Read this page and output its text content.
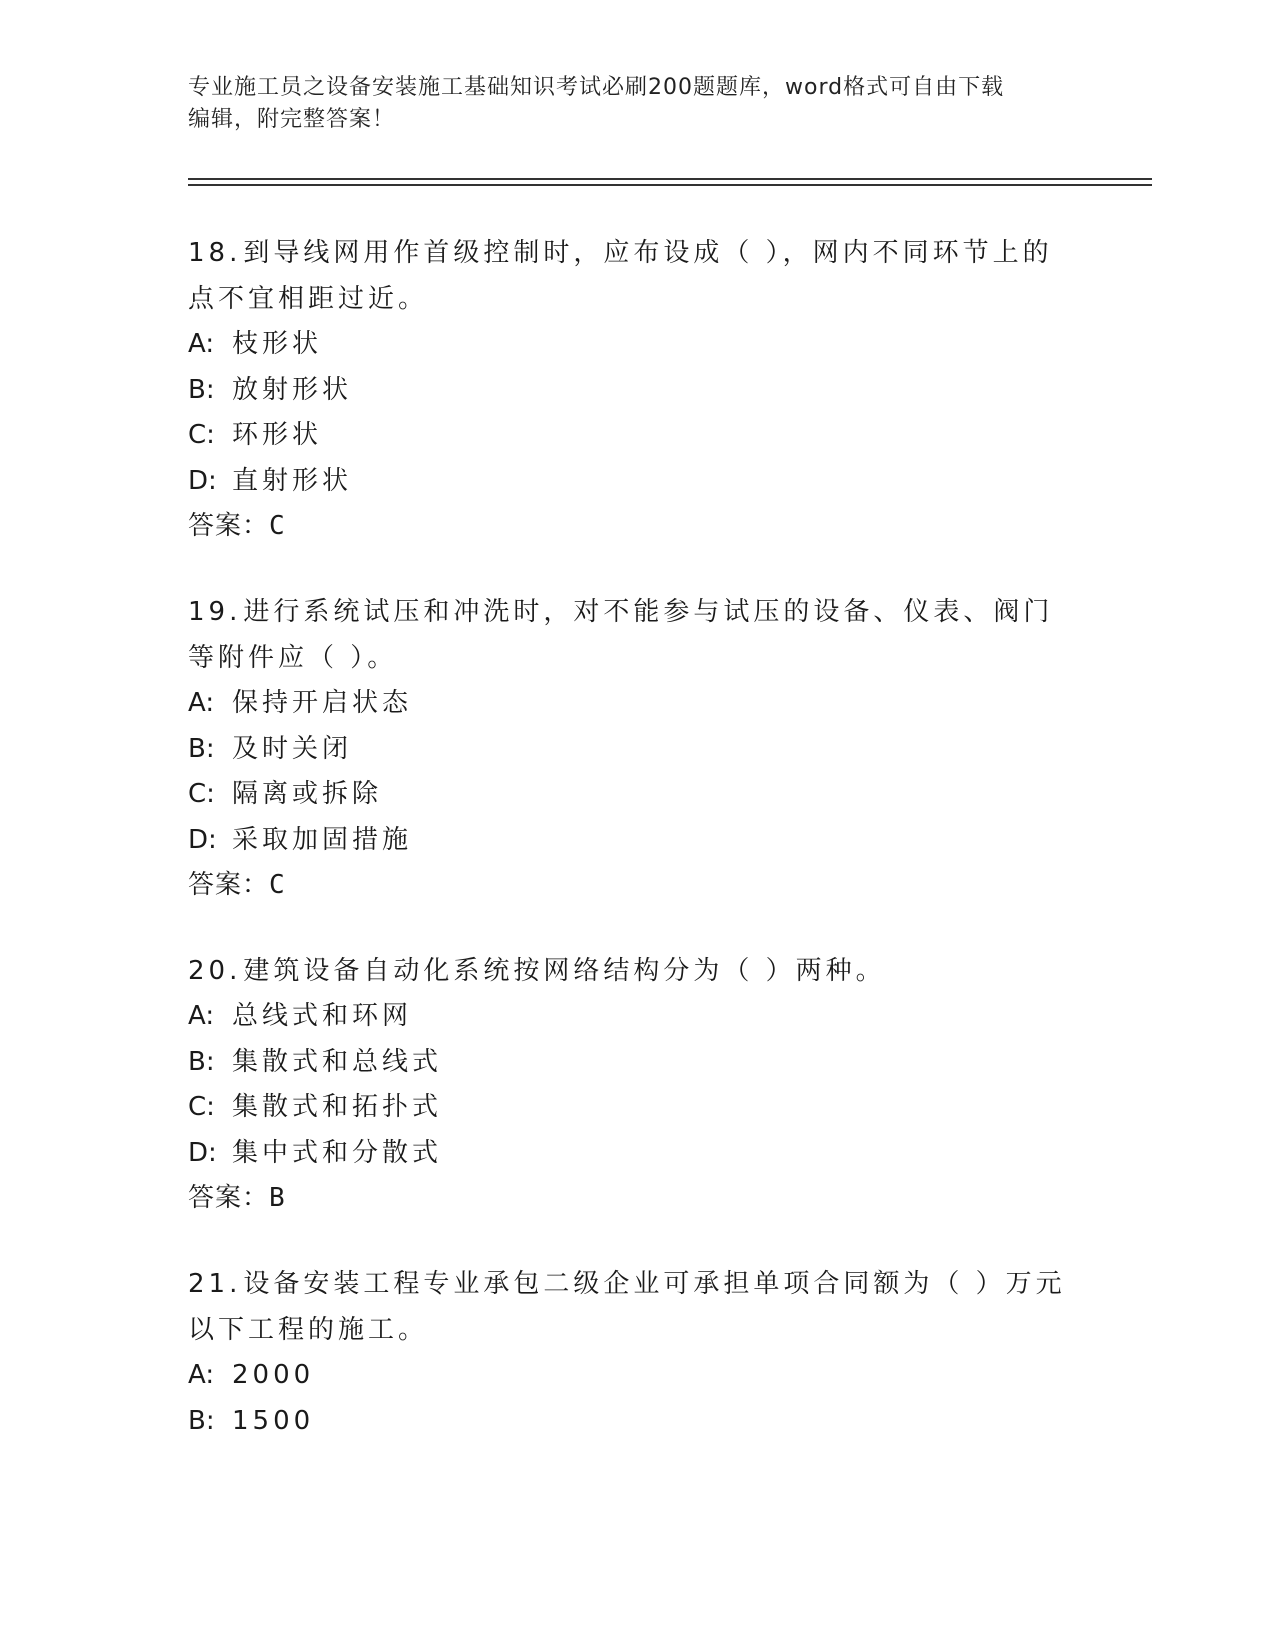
专业施工员之设备安装施工基础知识考试必刷200题题库，word格式可自由下载
编辑，附完整答案！

18.到导线网用作首级控制时，应布设成（ ），网内不同环节上的点不宜相距过近。

A: 枝形状

B: 放射形状

C: 环形状

D: 直射形状

答案：C

19.进行系统试压和冲洗时，对不能参与试压的设备、仪表、阀门等附件应（ ）。

A: 保持开启状态

B: 及时关闭

C: 隔离或拆除

D: 采取加固措施

答案：C

20.建筑设备自动化系统按网络结构分为（ ）两种。

A: 总线式和环网

B: 集散式和总线式

C: 集散式和拓扑式

D: 集中式和分散式

答案：B

21.设备安装工程专业承包二级企业可承担单项合同额为（ ）万元以下工程的施工。

A: 2000

B: 1500
